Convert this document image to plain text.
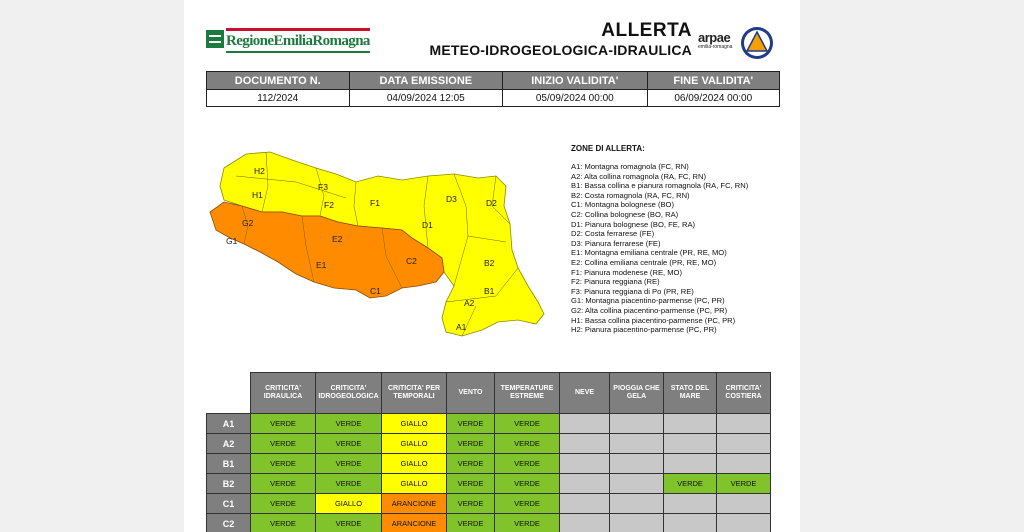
RegioneEmiliaRomagna	ALLERTA
METEO-IDROGEOLOGICA-IDRAULICA
arpae
emilia-romagna
DOCUMENTO N.	DATA EMISSIONE	INIZIO VALIDITA'	FINE VALIDITA'
112/2024	04/09/2024 12:05	05/09/2024 00:00	06/09/2024 00:00
H2
H1
G2
G1
F3
F2	F1
E2
E1
D3	D2
D1
C2
C1
B2
B1
A2
A1
ZONE DI ALLERTA:
A1: Montagna romagnola (FC, RN)
A2: Alta collina romagnola (RA, FC, RN)
B1: Bassa collina e pianura romagnola (RA, FC, RN)
B2: Costa romagnola (RA, FC, RN)
C1: Montagna bolognese (BO)
C2: Collina bolognese (BO, RA)
D1: Pianura bolognese (BO, FE, RA)
D2: Costa ferrarese (FE)
D3: Pianura ferrarese (FE)
E1: Montagna emiliana centrale (PR, RE, MO)
E2: Collina emiliana centrale (PR, RE, MO)
F1: Pianura modenese (RE, MO)
F2: Pianura reggiana (RE)
F3: Pianura reggiana di Po (PR, RE)
G1: Montagna piacentino-parmense (PC, PR)
G2: Alta collina piacentino-parmense (PC, PR)
H1: Bassa collina piacentino-parmense (PC, PR)
H2: Pianura piacentino-parmense (PC, PR)
	CRITICITA' IDRAULICA	CRITICITA' IDROGEOLOGICA	CRITICITA' PER TEMPORALI	VENTO	TEMPERATURE ESTREME	NEVE	PIOGGIA CHE GELA	STATO DEL MARE	CRITICITA' COSTIERA
A1	VERDE	VERDE	GIALLO	VERDE	VERDE				
A2	VERDE	VERDE	GIALLO	VERDE	VERDE				
B1	VERDE	VERDE	GIALLO	VERDE	VERDE				
B2	VERDE	VERDE	GIALLO	VERDE	VERDE			VERDE	VERDE
C1	VERDE	GIALLO	ARANCIONE	VERDE	VERDE				
C2	VERDE	VERDE	ARANCIONE	VERDE	VERDE				
